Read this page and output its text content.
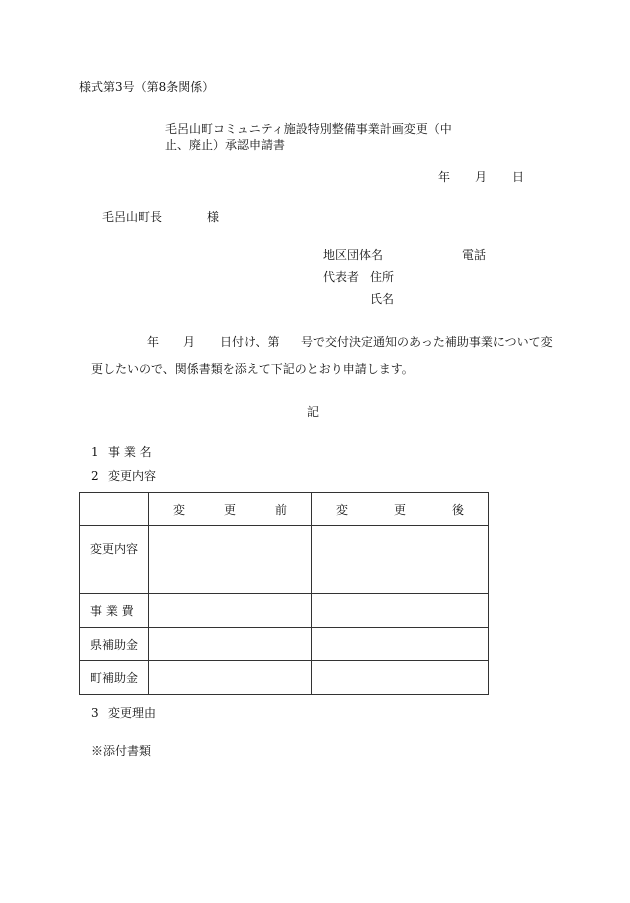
様式第3号（第8条関係）
毛呂山町コミュニティ施設特別整備事業計画変更（中
止、廃止）承認申請書
年 月 日
毛呂山町長	様
地区団体名	電話
代表者 住所
氏名
年 月 日付け、第 号で交付決定通知のあった補助事業について変
更したいので、関係書類を添えて下記のとおり申請します。
記
1 事 業 名
2 変更内容

	変 更 前	変 更 後

変更内容		
事 業 費		
県補助金		
町補助金		
3 変更理由
※添付書類
